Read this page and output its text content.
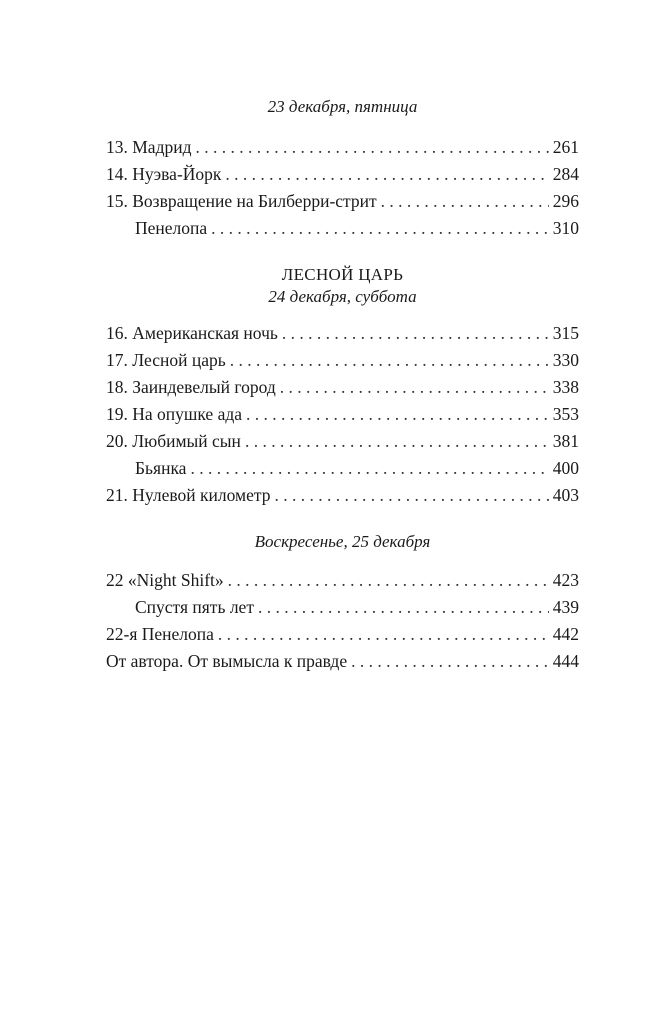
23 декабря, пятница

13. Мадрид . . .	261
14. Нуэва-Йорк . . .	284
15. Возвращение на Билберри-стрит . . .	296
Пенелопа . . .	310

ЛЕСНОЙ ЦАРЬ

24 декабря, суббота

16. Американская ночь . . .	315
17. Лесной царь . . .	330
18. Заиндевелый город . . .	338
19. На опушке ада . . .	353
20. Любимый сын . . .	381
Бьянка . . .	400
21. Нулевой километр . . .	403

Воскресенье, 25 декабря

22 «Night Shift» . . .	423
Спустя пять лет . . .	439
22-я Пенелопа . . .	442
От автора. От вымысла к правде . . .	444
